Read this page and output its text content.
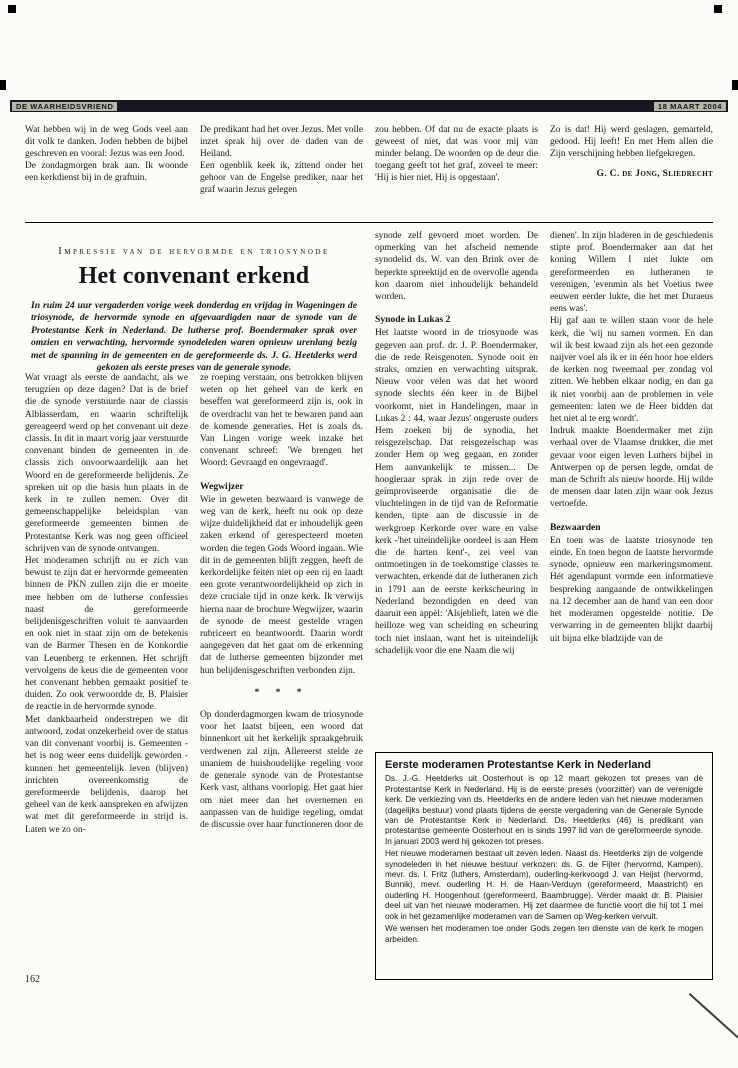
DE WAARHEIDSVRIEND	18 MAART 2004

Wat hebben wij in de weg Gods veel aan dit volk te danken. Joden hebben de bijbel geschreven en vooral: Jezus was een Jood.

De zondagmorgen brak aan. Ik woonde een kerkdienst bij in de graftuin.

De predikant had het over Jezus. Met volle inzet sprak hij over de daden van de Heiland.

Een ogenblik keek ik, zittend onder het gehoor van de Engelse prediker, naar het graf waarin Jezus gelegen

zou hebben. Of dat nu de exacte plaats is geweest of niet, dat was voor mij van minder belang. De woorden op de deur die toegang geeft tot het graf, zoveel te meer: 'Hij is hier niet, Hij is opgestaan'.

Zo is dat! Hij werd geslagen, gemarteld, gedood. Hij leeft! En met Hem allen die Zijn verschijning hebben liefgekregen.

G. C. de Jong, Sliedrecht
Impressie van de hervormde en triosynode
Het convenant erkend
In ruim 24 uur vergaderden vorige week donderdag en vrijdag in Wageningen de triosynode, de hervormde synode en afgevaardigden naar de synode van de Protestantse Kerk in Nederland. De lutherse prof. Boendermaker sprak over omzien en verwachting, hervormde synodeleden waren opnieuw urenlang bezig met de spanning in de gemeenten en de gereformeerde ds. J. G. Heetderks werd gekozen als eerste preses van de generale synode.

Wat vraagt als eerste de aandacht, als we terugzien op deze dagen? Dat is de brief die de synode verstuurde naar de classis Alblasserdam, en waarin schriftelijk gereageerd werd op het convenant uit deze classis. In dit in maart vorig jaar verstuurde convenant binden de gemeenten in de classis zich onvoorwaardelijk aan het Woord en de gereformeerde belijdenis. Ze spreken uit op die basis hun plaats in de kerk in te zullen nemen. Over dit gemeenschappelijke beleidsplan van gereformeerde gemeenten binnen de Protestantse Kerk was nog geen officieel schrijven van de synode ontvangen.

Het moderamen schrijft nu er zich van bewust te zijn dat er hervormde gemeenten binnen de PKN zullen zijn die er moeite mee hebben om de lutherse confessies naast de gereformeerde belijdenisgeschriften voluit te aanvaarden en ook niet in staat zijn om de betekenis van de Barmer Thesen en de Konkordie van Leuenberg te erkennen. Het schrijft vervolgens de keus die de gemeenten voor het convenant hebben gemaakt positief te duiden. Zo ook verwoordde dr. B. Plaisier de reactie in de hervormde synode.

Met dankbaarheid onderstrepen we dit antwoord, zodat onzekerheid over de status van dit convenant voorbij is. Gemeenten - het is nog weer eens duidelijk geworden - kunnen het gemeentelijk leven (blijven) inrichten overeenkomstig de gereformeerde belijdenis, daarop het geheel van de kerk aanspreken en afwijzen wat met dit gereformeerde in strijd is. Laten we zo on-

ze roeping verstaan, ons betrokken blijven weten op het geheel van de kerk en beseffen wat gereformeerd zijn is, ook in de overdracht van het te bewaren pand aan de komende generaties. Het is zoals ds. Van Lingen vorige week inzake het convenant schreef: 'We brengen het Woord: Gevraagd en ongevraagd'.

Wegwijzer

Wie in geweten bezwaard is vanwege de weg van de kerk, heeft nu ook op deze wijze duidelijkheid dat er inhoudelijk geen zaken erkend of gerespecteerd moeten worden die tegen Gods Woord ingaan. Wie dit in de gemeenten blijft zeggen, heeft de kerkordelijke feiten niet op een rij en laadt een grote verantwoordelijkheid op zich in deze cruciale tijd in onze kerk. Ik verwijs hierna naar de brochure Wegwijzer, waarin de synode de meest gestelde vragen rubriceert en beantwoordt. Daarin wordt aangegeven dat het gaat om de erkenning dat de lutherse gemeenten bijzonder met hun belijdenisgeschriften verbonden zijn.

* * *

Op donderdagmorgen kwam de triosynode voor het laatst bijeen, een woord dat binnenkort uit het kerkelijk spraakgebruik verdwenen zal zijn. Allereerst stelde ze unaniem de huishoudelijke regeling voor de generale synode van de Protestantse Kerk vast, althans voorlopig. Het gaat hier om niet meer dan het overnemen en aanpassen van de huidige regeling, omdat de discussie over haar functioneren door de

synode zelf gevoerd moet worden. De opmerking van het afscheid nemende synodelid ds. W. van den Brink over de beperkte spreektijd en de overvolle agenda kon daarom niet inhoudelijk behandeld worden.

Synode in Lukas 2

Het laatste woord in de triosynode was gegeven aan prof. dr. J. P. Boendermaker, die de rede Reisgenoten. Synode ooit en straks, omzien en verwachting uitsprak. Nieuw voor velen was dat het woord synode slechts één keer in de Bijbel voorkomt, niet in Handelingen, maar in Lukas 2 : 44, waar Jezus' ongeruste ouders Hem zoeken bij de synodia, het reisgezelschap. Dat reisgezelschap was zonder Hem op weg gegaan, en zonder Hem aanvankelijk te missen... De hoogleraar sprak in zijn rede over de geïmproviseerde organisatie die de vluchtelingen in de tijd van de Reformatie kenden, tipte aan de discussie in de werkgroep Kerkorde over ware en valse kerk -'het uiteindelijke oordeel is aan Hem die de harten kent'-, zei veel van ontmoetingen in de toekomstige classes te verwachten, erkende dat de lutheranen zich in 1791 aan de eerste kerkscheuring in Nederland bezondigden en deed van daaruit een appèl: 'Alsjeblieft, laten we die heilloze weg van scheiding en scheuring toch niet inslaan, want het is uiteindelijk schadelijk voor die ene Naam die wij

dienen'. In zijn bladeren in de geschiedenis stipte prof. Boendermaker aan dat het koning Willem I niet lukte om gereformeerden en lutheranen te verenigen, 'evenmin als het Voetius twee eeuwen eerder lukte, die het met Duraeus eens was'.

Hij gaf aan te willen staan voor de hele kerk, die 'wij nu samen vormen. En dan wil ik best kwaad zijn als het een gezonde naijver voel als ik er in één hoor hoe elders de kerken nog tweemaal per zondag vol zitten. We hebben elkaar nodig, en dan ga ik niet voorbij aan de problemen in vele gemeenten: laten we de Heer bidden dat het niet al te erg wordt'.

Indruk maakte Boendermaker met zijn verhaal over de Vlaamse drukker, die met gevaar voor eigen leven Luthers bijbel in Antwerpen op de persen legde, omdat de man de Schrift als nieuw hoorde. Hij wilde de mensen daar laten zijn waar ook Jezus vertoefde.

Bezwaarden

En toen was de laatste triosynode ten einde. En toen begon de laatste hervormde synode, opnieuw een markeringsmoment. Hét agendapunt vormde een informatieve bespreking aangaande de ontwikkelingen na 12 december aan de hand van een door het moderamen opgestelde notitie. De verwarring in de gemeenten blijkt daarbij uit bijna elke bladzijde van de

Eerste moderamen Protestantse Kerk in Nederland

Ds. J.-G. Heetderks uit Oosterhout is op 12 maart gekozen tot preses van de Protestantse Kerk in Nederland. Hij is de eerste preses (voorzitter) van de verenigde kerk. De verkiezing van ds. Heetderks en de andere leden van het nieuwe moderamen (dagelijks bestuur) vond plaats tijdens de eerste vergadering van de Generale Synode van de Protestantse Kerk in Nederland. Ds. Heetderks (46) is predikant van protestantse gemeente Oosterhout en is sinds 1997 lid van de gereformeerde synode. In januari 2003 werd hij gekozen tot preses.

Het nieuwe moderamen bestaat uit zeven leden. Naast ds. Heetderks zijn de volgende synodeleden in het nieuwe bestuur verkozen: ds. G. de Fijter (hervormd, Kampen), mevr. ds. I. Fritz (luthers, Amsterdam), ouderling-kerkvoogd J. van Heijst (hervormd, Bunnik), mevr. ouderling H. H. de Haan-Verduyn (gereformeerd, Maastricht) en ouderling H. Hoogenhout (gereformeerd, Baambrugge). Verder maakt dr. B. Plaisier deel uit van het nieuwe moderamen. Hij zet daarmee de functie voort die hij tot 1 mei ook in het gezamenlijke moderamen van de Samen op Weg-kerken vervult.

We wensen het moderamen toe onder Gods zegen ten dienste van de kerk te mogen arbeiden.

162
